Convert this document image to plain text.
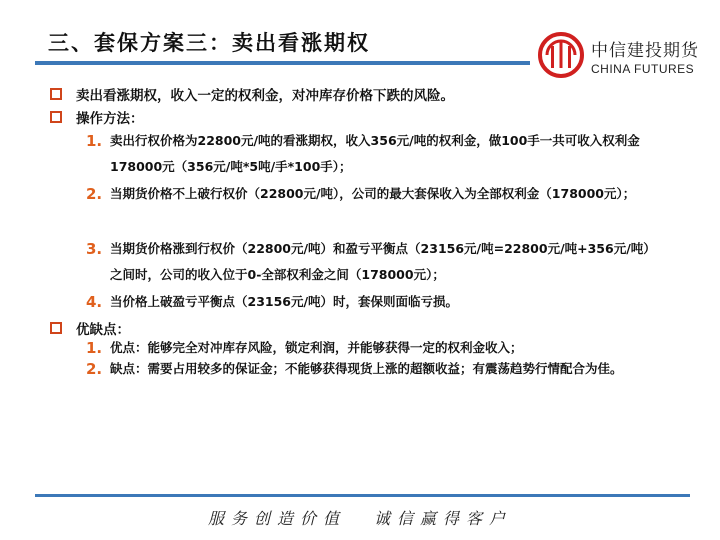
三、套保方案三：卖出看涨期权	中信建投期货
CHINA FUTURES
卖出看涨期权，收入一定的权利金，对冲库存价格下跌的风险。
操作方法：
1. 卖出行权价格为22800元/吨的看涨期权，收入356元/吨的权利金，做100手一共可收入权利金178000元（356元/吨*5吨/手*100手）；
2. 当期货价格不上破行权价（22800元/吨），公司的最大套保收入为全部权利金（178000元）；
3. 当期货价格涨到行权价（22800元/吨）和盈亏平衡点（23156元/吨=22800元/吨+356元/吨）之间时，公司的收入位于0-全部权利金之间（178000元）；
4. 当价格上破盈亏平衡点（23156元/吨）时，套保则面临亏损。
优缺点：
1. 优点：能够完全对冲库存风险，锁定利润，并能够获得一定的权利金收入；
2. 缺点：需要占用较多的保证金；不能够获得现货上涨的超额收益；有震荡趋势行情配合为佳。
服务创造价值 诚信赢得客户
